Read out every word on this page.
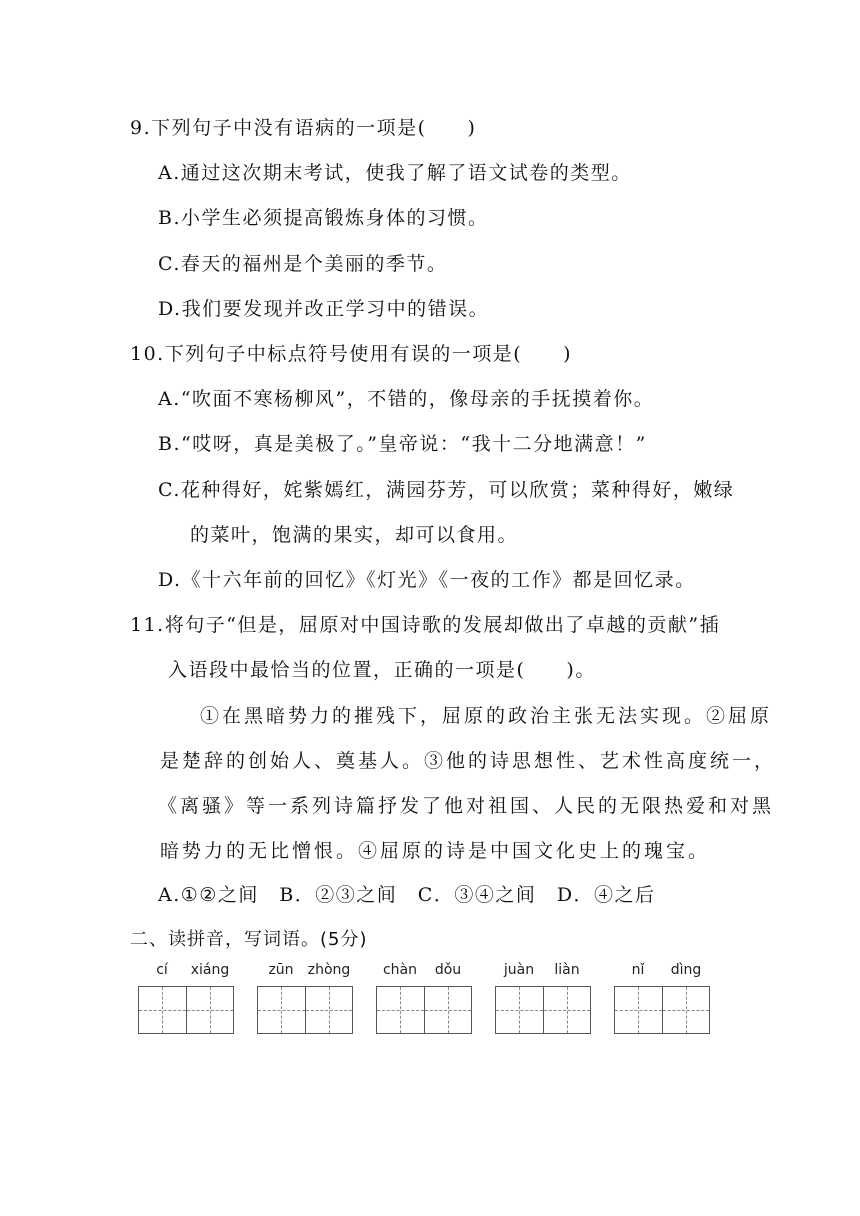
9.下列句子中没有语病的一项是(　　)
A.通过这次期末考试，使我了解了语文试卷的类型。
B.小学生必须提高锻炼身体的习惯。
C.春天的福州是个美丽的季节。
D.我们要发现并改正学习中的错误。
10.下列句子中标点符号使用有误的一项是(　　)
A.“吹面不寒杨柳风”，不错的，像母亲的手抚摸着你。
B.“哎呀，真是美极了。”皇帝说：“我十二分地满意！”
C.花种得好，姹紫嫣红，满园芬芳，可以欣赏；菜种得好，嫩绿
的菜叶，饱满的果实，却可以食用。
D.《十六年前的回忆》《灯光》《一夜的工作》都是回忆录。
11.将句子“但是，屈原对中国诗歌的发展却做出了卓越的贡献”插
入语段中最恰当的位置，正确的一项是(　　)。
①在黑暗势力的摧残下，屈原的政治主张无法实现。②屈原
是楚辞的创始人、奠基人。③他的诗思想性、艺术性高度统一，
《离骚》等一系列诗篇抒发了他对祖国、人民的无限热爱和对黑
暗势力的无比憎恨。④屈原的诗是中国文化史上的瑰宝。
A.①②之间　B．②③之间　C．③④之间　D．④之后
二、读拼音，写词语。(5分)
cí	xiáng	zūn	zhòng	chàn	dǒu	juàn	liàn	nǐ	dìng
